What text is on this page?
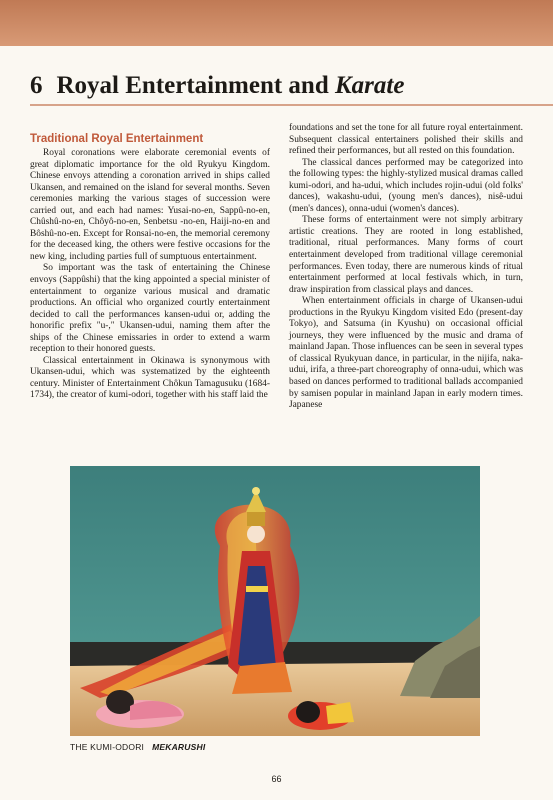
6 Royal Entertainment and Karate
Traditional Royal Entertainment

Royal coronations were elaborate ceremonial events of great diplomatic importance for the old Ryukyu Kingdom. Chinese envoys attending a coronation arrived in ships called Ukansen, and remained on the island for several months. Seven ceremonies marking the various stages of succession were carried out, and each had names: Yusai-no-en, Sappû-no-en, Chûshû-no-en, Chôyô-no-en, Senbetsu -no-en, Haiji-no-en and Bôshû-no-en. Except for Ronsai-no-en, the memorial ceremony for the deceased king, the others were festive occasions for the new king, including parties full of sumptuous entertainment.

So important was the task of entertaining the Chinese envoys (Sappûshi) that the king appointed a special minister of entertainment to organize various musical and dramatic productions. An official who organized courtly entertainment decided to call the performances kansen-udui or, adding the honorific prefix "u-," Ukansen-udui, naming them after the ships of the Chinese emissaries in order to extend a warm reception to their honored guests.

Classical entertainment in Okinawa is synonymous with Ukansen-udui, which was systematized by the eighteenth century. Minister of Entertainment Chôkun Tamagusuku (1684-1734), the creator of kumi-odori, together with his staff laid the

foundations and set the tone for all future royal entertainment. Subsequent classical entertainers polished their skills and refined their performances, but all rested on this foundation.

The classical dances performed may be categorized into the following types: the highly-stylized musical dramas called kumi-odori, and ha-udui, which includes rojin-udui (old folks' dances), wakashu-udui, (young men's dances), nisê-udui (men's dances), onna-udui (women's dances).

These forms of entertainment were not simply arbitrary artistic creations. They are rooted in long established, traditional, ritual performances. Many forms of court entertainment developed from traditional village ceremonial performances. Even today, there are numerous kinds of ritual entertainment performed at local festivals which, in turn, draw inspiration from classical plays and dances.

When entertainment officials in charge of Ukansen-udui productions in the Ryukyu Kingdom visited Edo (present-day Tokyo), and Satsuma (in Kyushu) on occasional official journeys, they were influenced by the music and drama of mainland Japan. Those influences can be seen in several types of classical Ryukyuan dance, in particular, in the nijifa, naka-udui, irifa, a three-part choreography of onna-udui, which was based on dances performed to traditional ballads accompanied by samisen popular in mainland Japan in early modern times. Japanese

THE KUMI-ODORI MEKARUSHI
66
